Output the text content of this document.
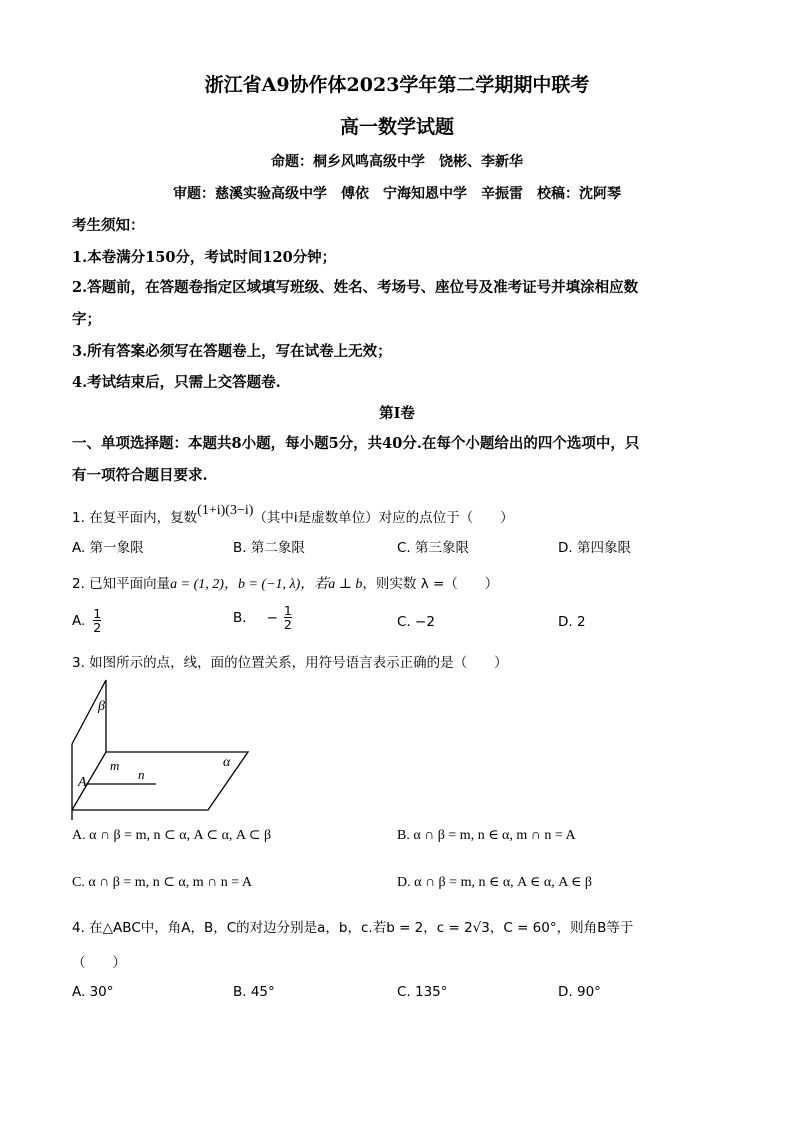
浙江省A9协作体2023学年第二学期期中联考
高一数学试题
命题：桐乡风鸣高级中学　饶彬、李新华
审题：慈溪实验高级中学　傅依　宁海知恩中学　辛振雷　校稿：沈阿琴
考生须知：
1.本卷满分150分，考试时间120分钟；
2.答题前，在答题卷指定区域填写班级、姓名、考场号、座位号及准考证号并填涂相应数
字；
3.所有答案必须写在答题卷上，写在试卷上无效；
4.考试结束后，只需上交答题卷.
第Ⅰ卷
一、单项选择题：本题共8小题，每小题5分，共40分.在每个小题给出的四个选项中，只
有一项符合题目要求.
1. 在复平面内，复数(1+i)(3−i)（其中i是虚数单位）对应的点位于（　　）
A. 第一象限	B. 第二象限	C. 第三象限	D. 第四象限
2. 已知平面向量a = (1, 2)，b = (−1, λ)，若a ⊥ b，则实数 λ =（　　）
A. $\frac{1}{2}$	B. − $\frac{1}{2}$	C. −2	D. 2
3. 如图所示的点，线，面的位置关系，用符号语言表示正确的是（　　）
β
m
n
α
A
A. α ∩ β = m, n ⊂ α, A ⊂ α, A ⊂ β	B. α ∩ β = m, n ∈ α, m ∩ n = A
C. α ∩ β = m, n ⊂ α, m ∩ n = A	D. α ∩ β = m, n ∈ α, A ∈ α, A ∈ β
4. 在△ABC中，角A，B，C的对边分别是a，b，c.若b = 2，c = 2√3，C = 60°，则角B等于
（　　）
A. 30°	B. 45°	C. 135°	D. 90°
